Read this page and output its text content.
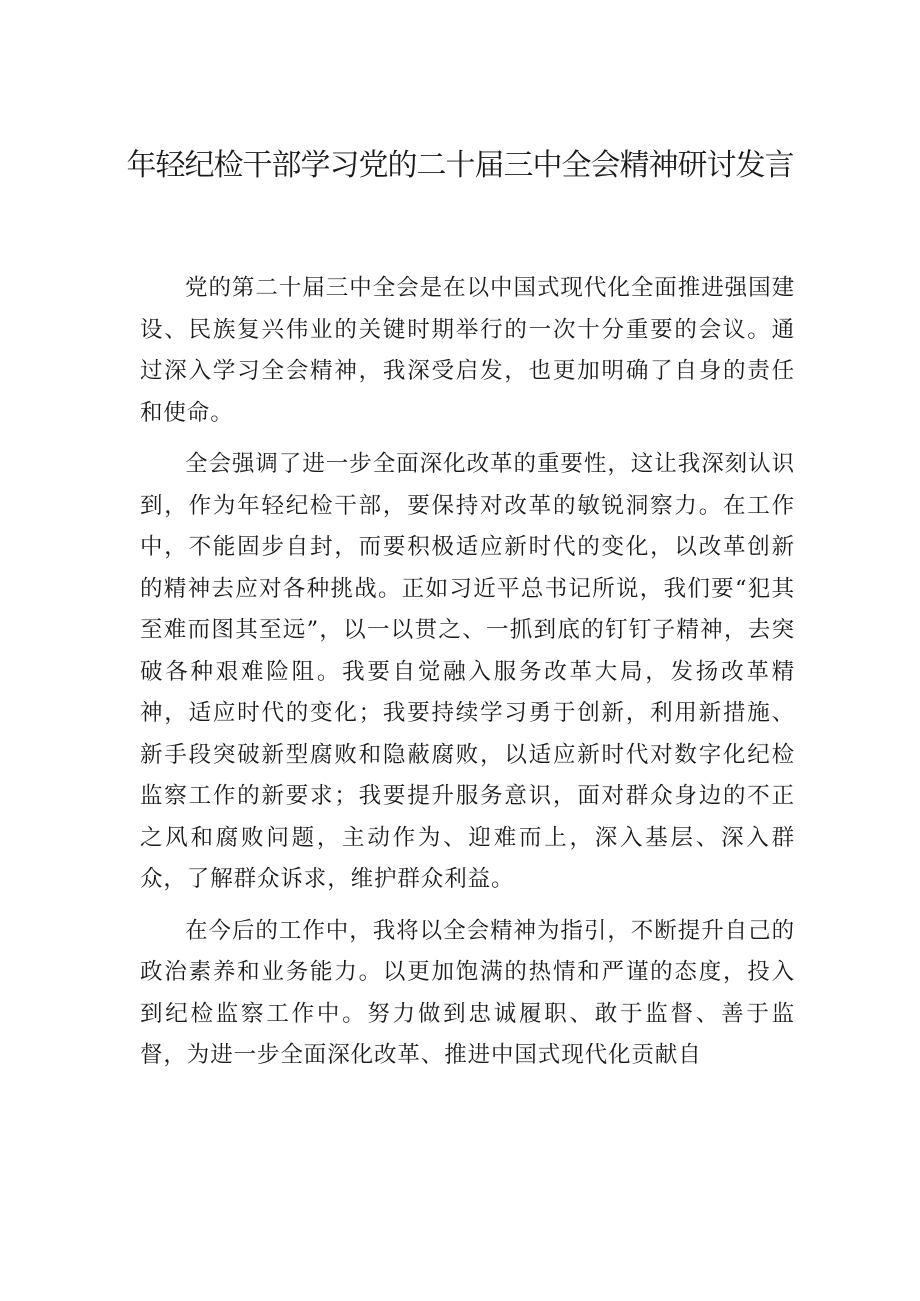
年轻纪检干部学习党的二十届三中全会精神研讨发言

党的第二十届三中全会是在以中国式现代化全面推进强国建设、民族复兴伟业的关键时期举行的一次十分重要的会议。通过深入学习全会精神，我深受启发，也更加明确了自身的责任和使命。

全会强调了进一步全面深化改革的重要性，这让我深刻认识到，作为年轻纪检干部，要保持对改革的敏锐洞察力。在工作中，不能固步自封，而要积极适应新时代的变化，以改革创新的精神去应对各种挑战。正如习近平总书记所说，我们要“犯其至难而图其至远”，以一以贯之、一抓到底的钉钉子精神，去突破各种艰难险阻。我要自觉融入服务改革大局，发扬改革精神，适应时代的变化；我要持续学习勇于创新，利用新措施、新手段突破新型腐败和隐蔽腐败，以适应新时代对数字化纪检监察工作的新要求；我要提升服务意识，面对群众身边的不正之风和腐败问题，主动作为、迎难而上，深入基层、深入群众，了解群众诉求，维护群众利益。

在今后的工作中，我将以全会精神为指引，不断提升自己的政治素养和业务能力。以更加饱满的热情和严谨的态度，投入到纪检监察工作中。努力做到忠诚履职、敢于监督、善于监督，为进一步全面深化改革、推进中国式现代化贡献自
